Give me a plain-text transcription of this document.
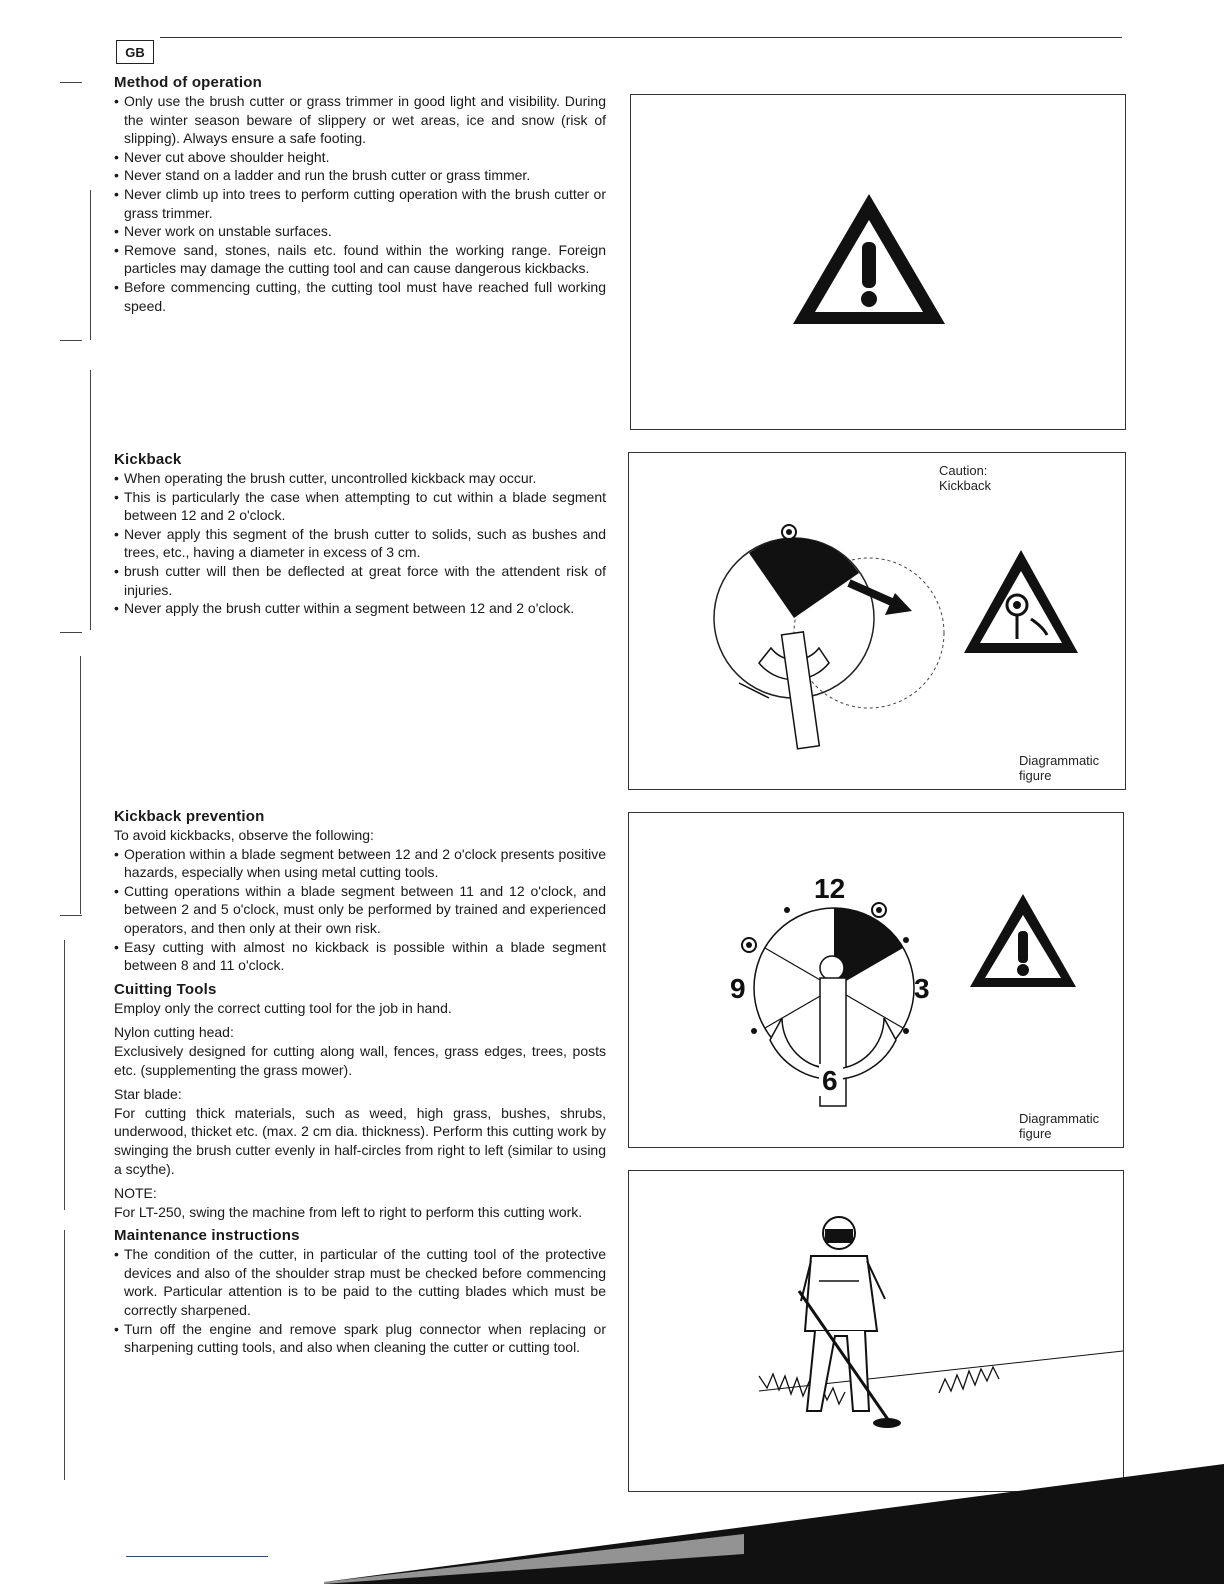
GB
Method of operation
• Only use the brush cutter or grass trimmer in good light and visibility. During the winter season beware of slippery or wet areas, ice and snow (risk of slipping). Always ensure a safe footing.
• Never cut above shoulder height.
• Never stand on a ladder and run the brush cutter or grass timmer.
• Never climb up into trees to perform cutting operation with the brush cutter or grass trimmer.
• Never work on unstable surfaces.
• Remove sand, stones, nails etc. found within the working range. Foreign particles may damage the cutting tool and can cause dangerous kickbacks.
• Before commencing cutting, the cutting tool must have reached full working speed.
Kickback
• When operating the brush cutter, uncontrolled kickback may occur.
• This is particularly the case when attempting to cut within a blade segment between 12 and 2 o'clock.
• Never apply this segment of the brush cutter to solids, such as bushes and trees, etc., having a diameter in excess of 3 cm.
• brush cutter will then be deflected at great force with the attendent risk of injuries.
• Never apply the brush cutter within a segment between 12 and 2 o'clock.
Kickback prevention

To avoid kickbacks, observe the following:

• Operation within a blade segment between 12 and 2 o'clock presents positive hazards, especially when using metal cutting tools.
• Cutting operations within a blade segment between 11 and 12 o'clock, and between 2 and 5 o'clock, must only be performed by trained and experienced operators, and then only at their own risk.
• Easy cutting with almost no kickback is possible within a blade segment between 8 and 11 o'clock.
Cuitting Tools

Employ only the correct cutting tool for the job in hand.

Nylon cutting head:

Exclusively designed for cutting along wall, fences, grass edges, trees, posts etc. (supplementing the grass mower).

Star blade:

For cutting thick materials, such as weed, high grass, bushes, shrubs, underwood, thicket etc. (max. 2 cm dia. thickness). Perform this cutting work by swinging the brush cutter evenly in half-circles from right to left (similar to using a scythe).

NOTE:

For LT-250, swing the machine from left to right to perform this cutting work.

Maintenance instructions
• The condition of the cutter, in particular of the cutting tool of the protective devices and also of the shoulder strap must be checked before commencing work. Particular attention is to be paid to the cutting blades which must be correctly sharpened.
• Turn off the engine and remove spark plug connector when replacing or sharpening cutting tools, and also when cleaning the cutter or cutting tool.
Caution:
Kickback
Diagrammatic
figure
12
3
9
6
Diagrammatic
figure
